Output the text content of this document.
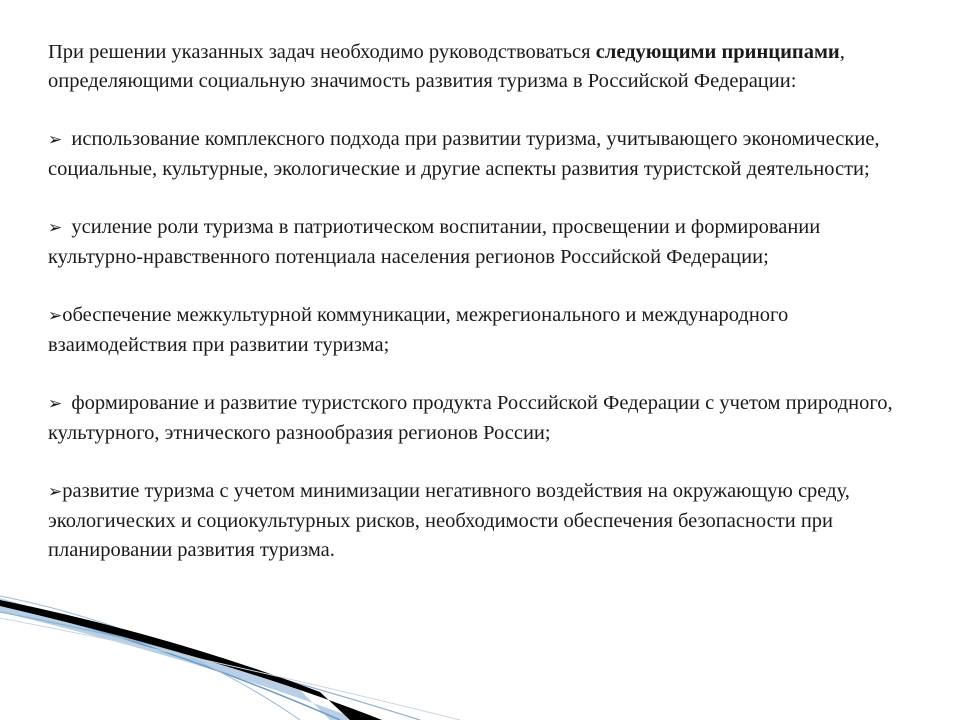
При решении указанных задач необходимо руководствоваться следующими принципами, определяющими социальную значимость развития туризма в Российской Федерации:

➢ использование комплексного подхода при развитии туризма, учитывающего экономические, социальные, культурные, экологические и другие аспекты развития туристской деятельности;

➢ усиление роли туризма в патриотическом воспитании, просвещении и формировании культурно-нравственного потенциала населения регионов Российской Федерации;

➢обеспечение межкультурной коммуникации, межрегионального и международного взаимодействия при развитии туризма;

➢ формирование и развитие туристского продукта Российской Федерации с учетом природного, культурного, этнического разнообразия регионов России;

➢развитие туризма с учетом минимизации негативного воздействия на окружающую среду, экологических и социокультурных рисков, необходимости обеспечения безопасности при планировании развития туризма.
